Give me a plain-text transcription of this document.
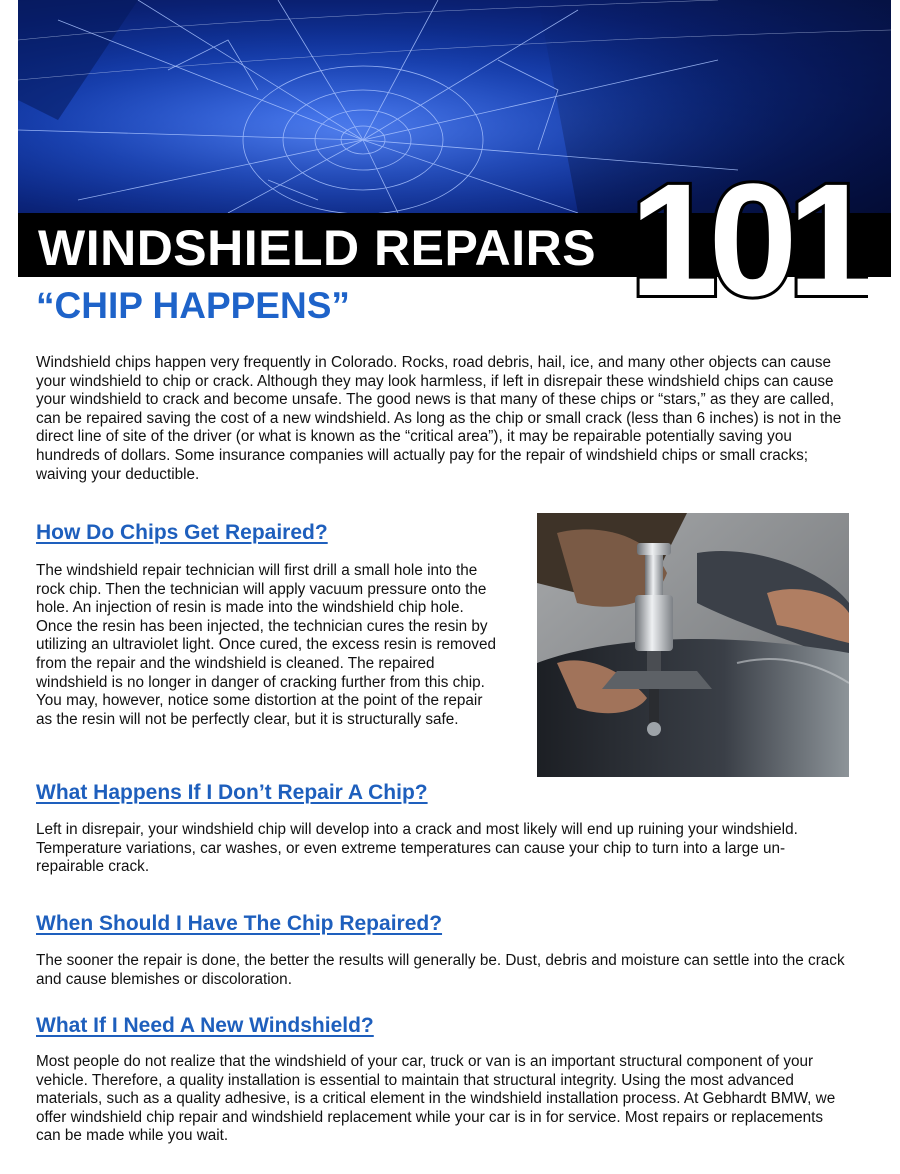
WINDSHIELD REPAIRS 101
“CHIP HAPPENS”

Windshield chips happen very frequently in Colorado. Rocks, road debris, hail, ice, and many other objects can cause your windshield to chip or crack. Although they may look harmless, if left in disrepair these windshield chips can cause your windshield to crack and become unsafe. The good news is that many of these chips or “stars,” as they are called, can be repaired saving the cost of a new windshield. As long as the chip or small crack (less than 6 inches) is not in the direct line of site of the driver (or what is known as the “critical area”), it may be repairable potentially saving you hundreds of dollars. Some insurance companies will actually pay for the repair of windshield chips or small cracks; waiving your deductible.

How Do Chips Get Repaired?

The windshield repair technician will first drill a small hole into the rock chip. Then the technician will apply vacuum pressure onto the hole. An injection of resin is made into the windshield chip hole. Once the resin has been injected, the technician cures the resin by utilizing an ultraviolet light. Once cured, the excess resin is removed from the repair and the windshield is cleaned. The repaired windshield is no longer in danger of cracking further from this chip. You may, however, notice some distortion at the point of the repair as the resin will not be perfectly clear, but it is structurally safe.

What Happens If I Don’t Repair A Chip?

Left in disrepair, your windshield chip will develop into a crack and most likely will end up ruining your windshield. Temperature variations, car washes, or even extreme temperatures can cause your chip to turn into a large un-repairable crack.

When Should I Have The Chip Repaired?

The sooner the repair is done, the better the results will generally be. Dust, debris and moisture can settle into the crack and cause blemishes or discoloration.

What If I Need A New Windshield?

Most people do not realize that the windshield of your car, truck or van is an important structural component of your vehicle. Therefore, a quality installation is essential to maintain that structural integrity. Using the most advanced materials, such as a quality adhesive, is a critical element in the windshield installation process. At Gebhardt BMW, we offer windshield chip repair and windshield replacement while your car is in for service. Most repairs or replacements can be made while you wait.
